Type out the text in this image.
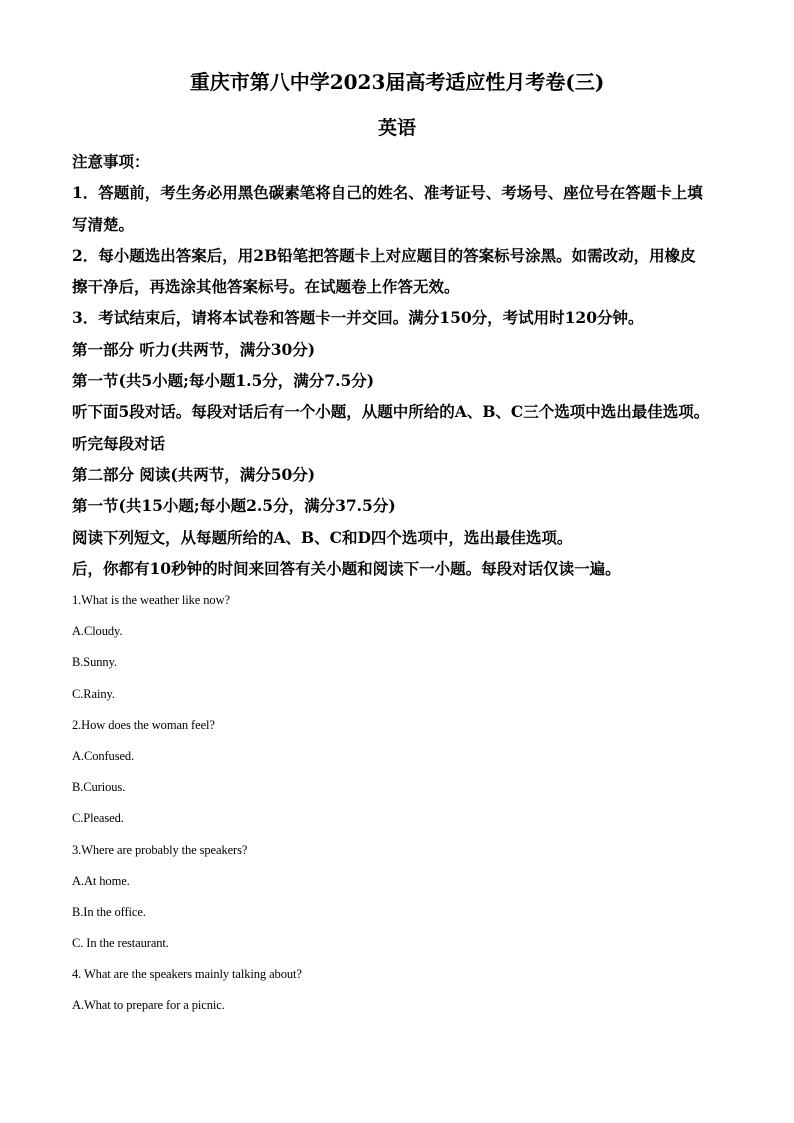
重庆市第八中学2023届高考适应性月考卷(三)
英语
注意事项：
1．答题前，考生务必用黑色碳素笔将自己的姓名、准考证号、考场号、座位号在答题卡上填
写清楚。
2．每小题选出答案后，用2B铅笔把答题卡上对应题目的答案标号涂黑。如需改动，用橡皮
擦干净后，再选涂其他答案标号。在试题卷上作答无效。
3．考试结束后，请将本试卷和答题卡一并交回。满分150分，考试用时120分钟。
第一部分 听力(共两节，满分30分)
第一节(共5小题;每小题1.5分，满分7.5分)
听下面5段对话。每段对话后有一个小题，从题中所给的A、B、C三个选项中选出最佳选项。
听完每段对话
第二部分 阅读(共两节，满分50分)
第一节(共15小题;每小题2.5分，满分37.5分)
阅读下列短文，从每题所给的A、B、C和D四个选项中，选出最佳选项。
后，你都有10秒钟的时间来回答有关小题和阅读下一小题。每段对话仅读一遍。
1.What is the weather like now?
A.Cloudy.
B.Sunny.
C.Rainy.
2.How does the woman feel?
A.Confused.
B.Curious.
C.Pleased.
3.Where are probably the speakers?
A.At home.
B.In the office.
C. In the restaurant.
4. What are the speakers mainly talking about?
A.What to prepare for a picnic.
